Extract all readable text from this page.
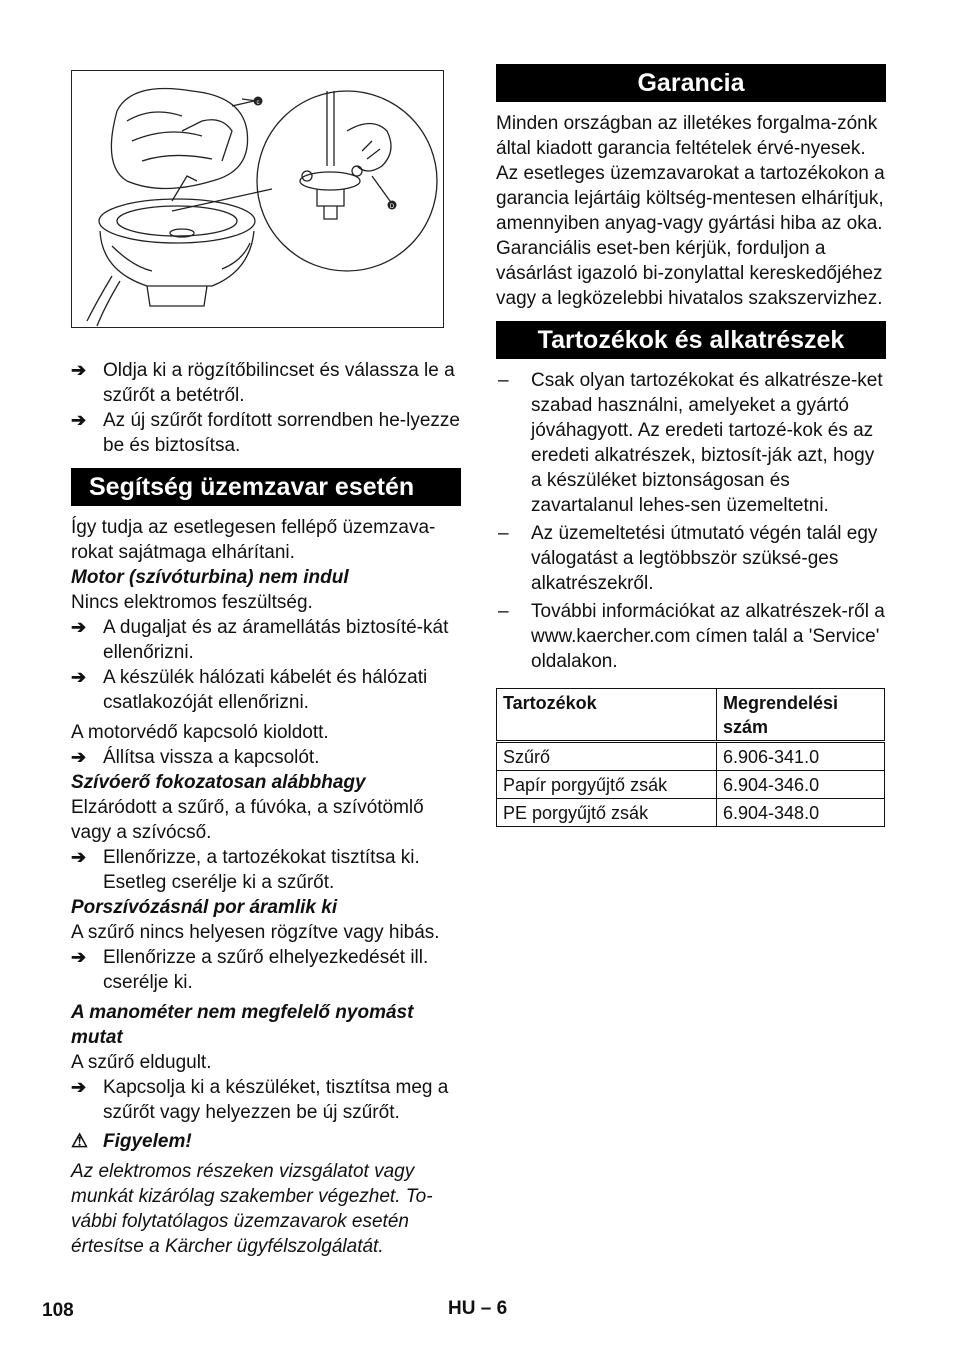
c
D
➔ Oldja ki a rögzítőbilincset és válassza le a szűrőt a betétről.
➔ Az új szűrőt fordított sorrendben he-lyezze be és biztosítsa.
Segítség üzemzavar esetén

Így tudja az esetlegesen fellépő üzemzava-rokat sajátmaga elhárítani.

Motor (szívóturbina) nem indul

Nincs elektromos feszültség.

➔ A dugaljat és az áramellátás biztosíté-kát ellenőrizni.
➔ A készülék hálózati kábelét és hálózati csatlakozóját ellenőrizni.

A motorvédő kapcsoló kioldott.

➔ Állítsa vissza a kapcsolót.
Szívóerő fokozatosan alábbhagy

Elzáródott a szűrő, a fúvóka, a szívótömlő vagy a szívócső.

➔ Ellenőrizze, a tartozékokat tisztítsa ki. Esetleg cserélje ki a szűrőt.
Porszívózásnál por áramlik ki

A szűrő nincs helyesen rögzítve vagy hibás.

➔ Ellenőrizze a szűrő elhelyezkedését ill. cserélje ki.
A manométer nem megfelelő nyomást mutat

A szűrő eldugult.

➔ Kapcsolja ki a készüléket, tisztítsa meg a szűrőt vagy helyezzen be új szűrőt.
⚠ Figyelem!

Az elektromos részeken vizsgálatot vagy munkát kizárólag szakember végezhet. To-vábbi folytatólagos üzemzavarok esetén értesítse a Kärcher ügyfélszolgálatát.

Garancia

Minden országban az illetékes forgalma-zónk által kiadott garancia feltételek érvé-nyesek. Az esetleges üzemzavarokat a tartozékokon a garancia lejártáig költség-mentesen elhárítjuk, amennyiben anyag-vagy gyártási hiba az oka. Garanciális eset-ben kérjük, forduljon a vásárlást igazoló bi-zonylattal kereskedőjéhez vagy a legközelebbi hivatalos szakszervizhez.

Tartozékok és alkatrészek
–	Csak olyan tartozékokat és alkatrésze-ket szabad használni, amelyeket a gyártó jóváhagyott. Az eredeti tartozé-kok és az eredeti alkatrészek, biztosít-ják azt, hogy a készüléket biztonságosan és zavartalanul lehes-sen üzemeltetni.
–	Az üzemeltetési útmutató végén talál egy válogatást a legtöbbször szüksé-ges alkatrészekről.
–	További információkat az alkatrészek-ről a www.kaercher.com címen talál a 'Service' oldalakon.
Tartozékok	Megrendelési szám
Szűrő	6.906-341.0
Papír porgyűjtő zsák	6.904-346.0
PE porgyűjtő zsák	6.904-348.0
108	HU – 6
